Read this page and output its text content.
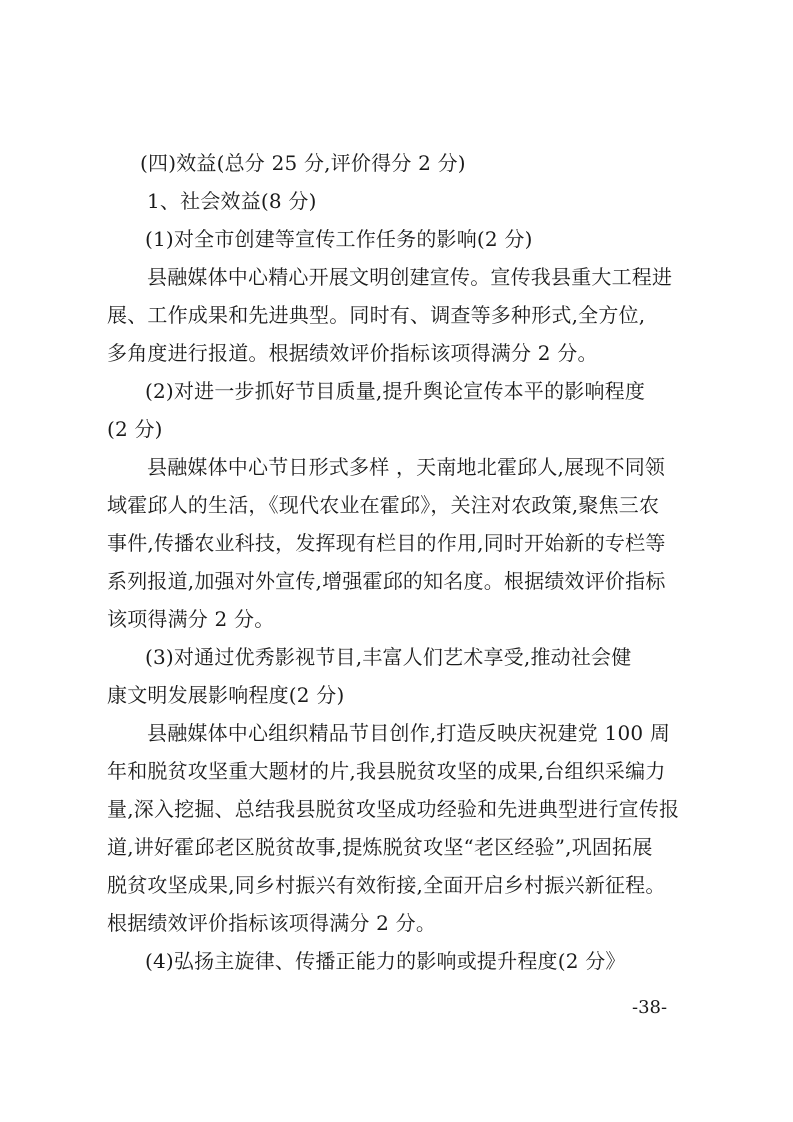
(四)效益(总分 25 分,评价得分 2 分)
1、社会效益(8 分)
(1)对全市创建等宣传工作任务的影响(2 分)
县融媒体中心精心开展文明创建宣传。宣传我县重大工程进
展、工作成果和先进典型。同时有、调查等多种形式,全方位,
多角度进行报道。根据绩效评价指标该项得满分 2 分。
(2)对进一步抓好节目质量,提升舆论宣传本平的影响程度
(2 分)
县融媒体中心节日形式多样 ，天南地北霍邱人,展现不同领
域霍邱人的生活，《现代农业在霍邱》，关注对农政策,聚焦三农
事件,传播农业科技，发挥现有栏目的作用,同时开始新的专栏等
系列报道,加强对外宣传,增强霍邱的知名度。根据绩效评价指标
该项得满分 2 分。
(3)对通过优秀影视节目,丰富人们艺术享受,推动社会健
康文明发展影响程度(2 分)
县融媒体中心组织精品节目创作,打造反映庆祝建党 100 周
年和脱贫攻坚重大题材的片,我县脱贫攻坚的成果,台组织采编力
量,深入挖掘、总结我县脱贫攻坚成功经验和先进典型进行宣传报
道,讲好霍邱老区脱贫故事,提炼脱贫攻坚“老区经验”,巩固拓展
脱贫攻坚成果,同乡村振兴有效衔接,全面开启乡村振兴新征程。
根据绩效评价指标该项得满分 2 分。
(4)弘扬主旋律、传播正能力的影响或提升程度(2 分》
-38-
